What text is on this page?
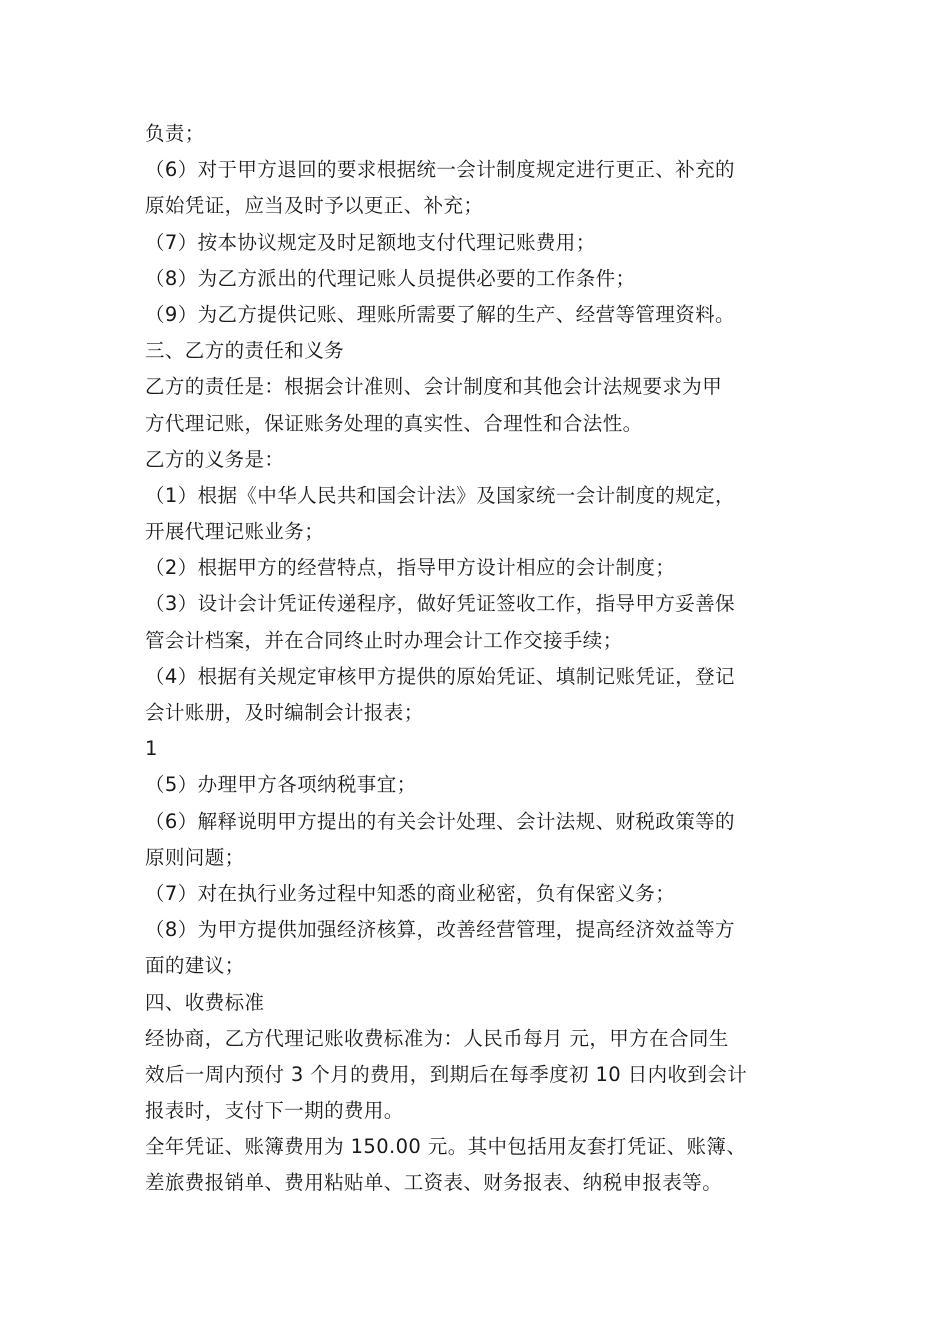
负责；
（6）对于甲方退回的要求根据统一会计制度规定进行更正、补充的
原始凭证，应当及时予以更正、补充；
（7）按本协议规定及时足额地支付代理记账费用；
（8）为乙方派出的代理记账人员提供必要的工作条件；
（9）为乙方提供记账、理账所需要了解的生产、经营等管理资料。
三、乙方的责任和义务
乙方的责任是：根据会计准则、会计制度和其他会计法规要求为甲
方代理记账，保证账务处理的真实性、合理性和合法性。
乙方的义务是：
（1）根据《中华人民共和国会计法》及国家统一会计制度的规定，
开展代理记账业务；
（2）根据甲方的经营特点，指导甲方设计相应的会计制度；
（3）设计会计凭证传递程序，做好凭证签收工作，指导甲方妥善保
管会计档案，并在合同终止时办理会计工作交接手续；
（4）根据有关规定审核甲方提供的原始凭证、填制记账凭证，登记
会计账册，及时编制会计报表；
1
（5）办理甲方各项纳税事宜；
（6）解释说明甲方提出的有关会计处理、会计法规、财税政策等的
原则问题；
（7）对在执行业务过程中知悉的商业秘密，负有保密义务；
（8）为甲方提供加强经济核算，改善经营管理，提高经济效益等方
面的建议；
四、收费标准
经协商，乙方代理记账收费标准为：人民币每月 元，甲方在合同生
效后一周内预付 3 个月的费用，到期后在每季度初 10 日内收到会计
报表时，支付下一期的费用。
全年凭证、账簿费用为 150.00 元。其中包括用友套打凭证、账簿、
差旅费报销单、费用粘贴单、工资表、财务报表、纳税申报表等。
